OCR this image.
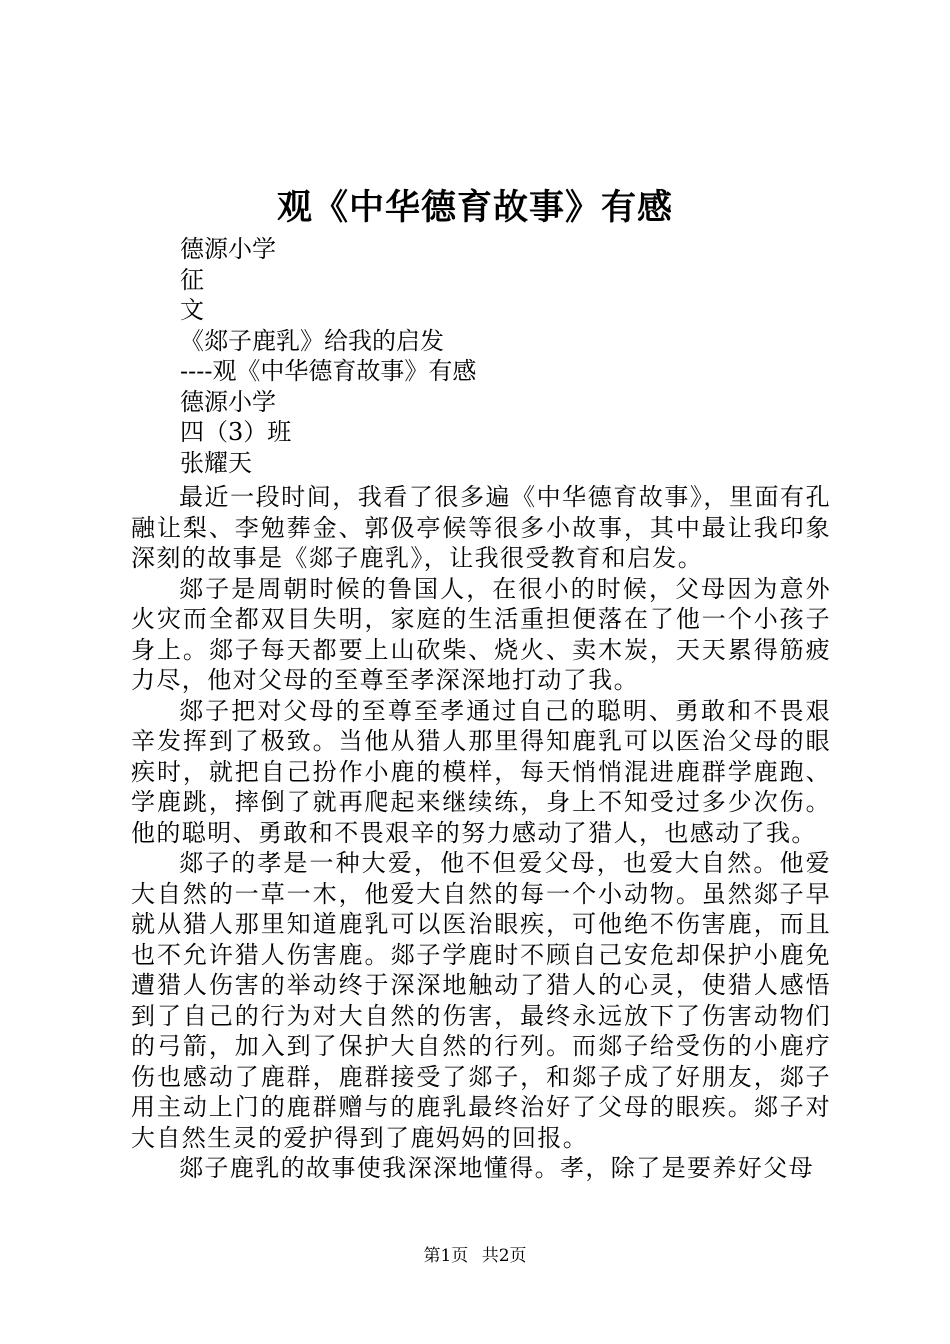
观《中华德育故事》有感
德源小学
征
文
《郯子鹿乳》给我的启发
----观《中华德育故事》有感
德源小学
四（3）班
张耀天

最近一段时间，我看了很多遍《中华德育故事》，里面有孔融让梨、李勉葬金、郭伋亭候等很多小故事，其中最让我印象深刻的故事是《郯子鹿乳》，让我很受教育和启发。

郯子是周朝时候的鲁国人，在很小的时候，父母因为意外火灾而全都双目失明，家庭的生活重担便落在了他一个小孩子身上。郯子每天都要上山砍柴、烧火、卖木炭，天天累得筋疲力尽，他对父母的至尊至孝深深地打动了我。

郯子把对父母的至尊至孝通过自己的聪明、勇敢和不畏艰辛发挥到了极致。当他从猎人那里得知鹿乳可以医治父母的眼疾时，就把自己扮作小鹿的模样，每天悄悄混进鹿群学鹿跑、学鹿跳，摔倒了就再爬起来继续练，身上不知受过多少次伤。他的聪明、勇敢和不畏艰辛的努力感动了猎人，也感动了我。

郯子的孝是一种大爱，他不但爱父母，也爱大自然。他爱大自然的一草一木，他爱大自然的每一个小动物。虽然郯子早就从猎人那里知道鹿乳可以医治眼疾，可他绝不伤害鹿，而且也不允许猎人伤害鹿。郯子学鹿时不顾自己安危却保护小鹿免遭猎人伤害的举动终于深深地触动了猎人的心灵，使猎人感悟到了自己的行为对大自然的伤害，最终永远放下了伤害动物们的弓箭，加入到了保护大自然的行列。而郯子给受伤的小鹿疗伤也感动了鹿群，鹿群接受了郯子，和郯子成了好朋友，郯子用主动上门的鹿群赠与的鹿乳最终治好了父母的眼疾。郯子对大自然生灵的爱护得到了鹿妈妈的回报。

郯子鹿乳的故事使我深深地懂得。孝，除了是要养好父母

第1页 共2页
